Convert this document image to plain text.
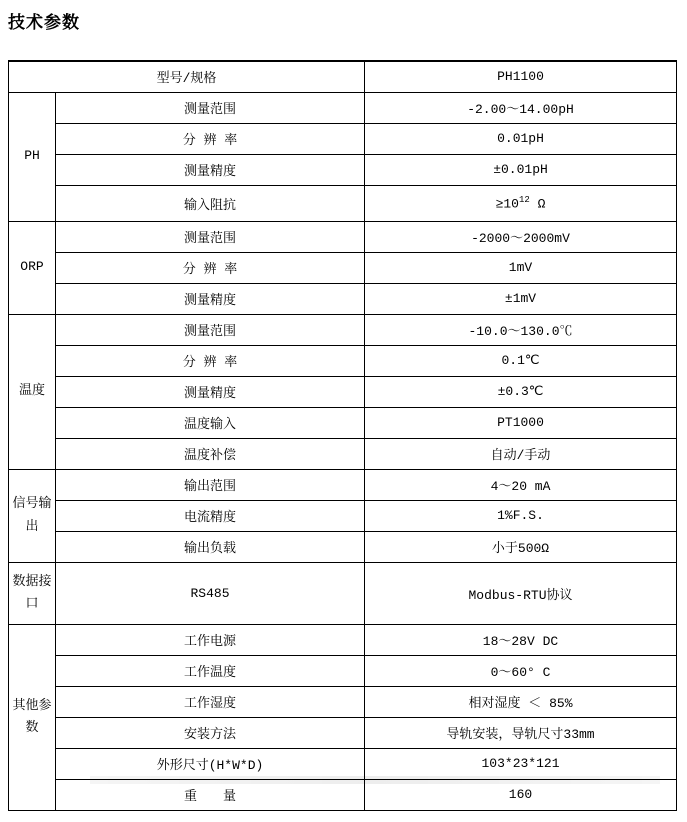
技术参数
型号/规格		PH1100
PH	测量范围	-2.00～14.00pH
	分 辨 率	0.01pH
	测量精度	±0.01pH
	输入阻抗	$\ge 10^{12}$ Ω
ORP	测量范围	-2000～2000mV
	分 辨 率	1mV
	测量精度	±1mV
温度	测量范围	-10.0～130.0℃
	分 辨 率	0.1℃
	测量精度	±0.3℃
	温度输入	PT1000
	温度补偿	自动/手动
信号输出	输出范围	4～20 mA
	电流精度	1%F.S.
	输出负载	小于500Ω
数据接口	RS485	Modbus-RTU协议
其他参数	工作电源	18～28V DC
	工作温度	0～60° C
	工作湿度	相对湿度 ＜ 85%
	安装方法	导轨安装，导轨尺寸33mm
	外形尺寸(H*W*D)	103*23*121
	重　　量	160
